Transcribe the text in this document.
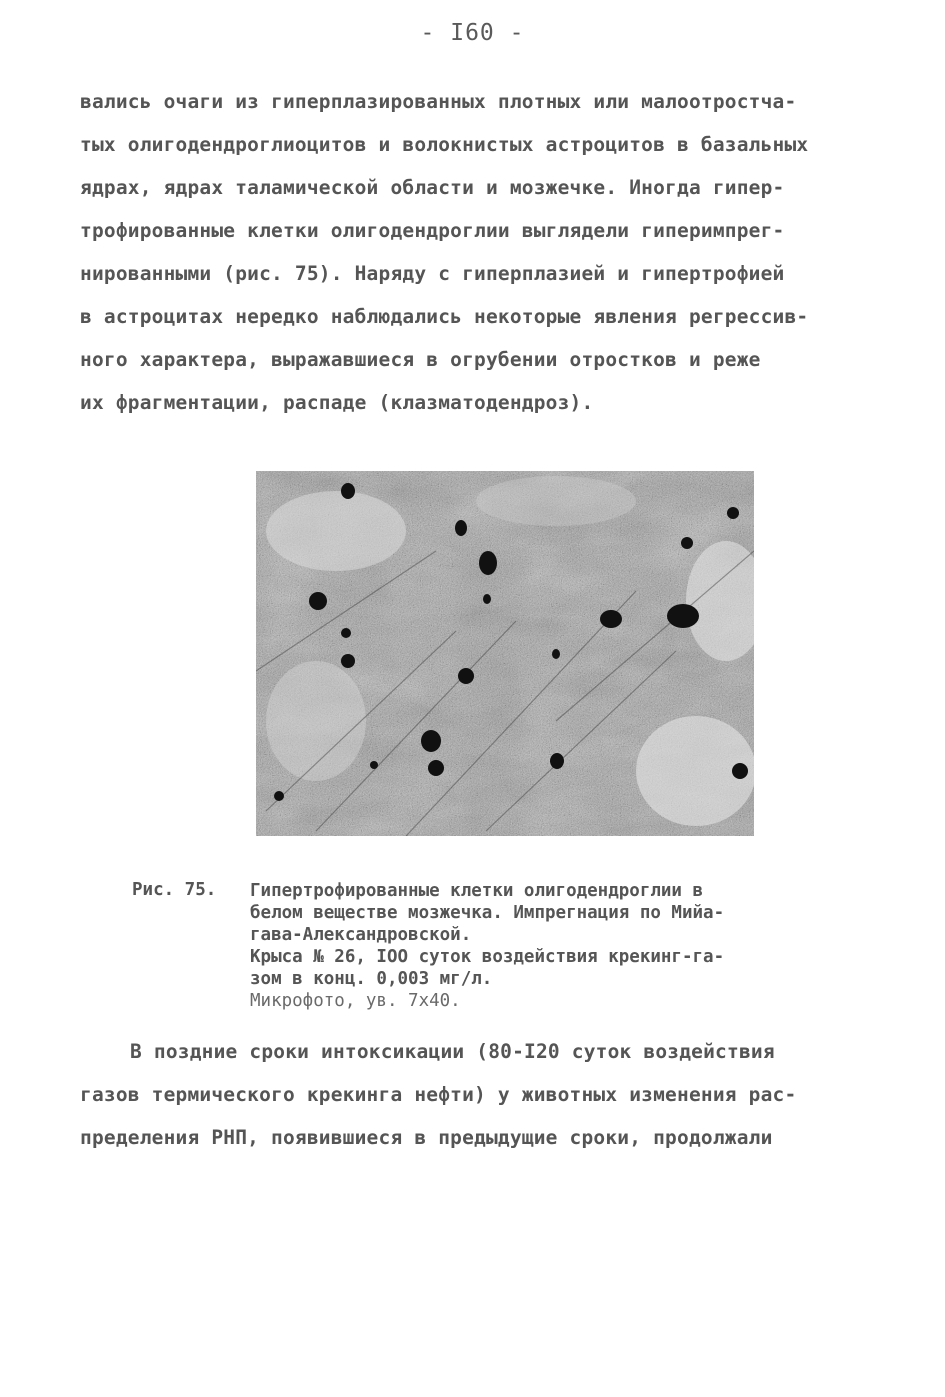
- I60 -
вались очаги из гиперплазированных плотных или малоотростча-
тых олигодендроглиоцитов и волокнистых астроцитов в базальных
ядрах, ядрах таламической области и мозжечке. Иногда гипер-
трофированные клетки олигодендроглии выглядели гиперимпрег-
нированными (рис. 75). Наряду с гиперплазией и гипертрофией
в астроцитах нередко наблюдались некоторые явления регрессив-
ного характера, выражавшиеся в огрубении отростков и реже
их фрагментации, распаде (клазматодендроз).
Рис. 75. Гипертрофированные клетки олигодендроглии в
белом веществе мозжечка. Импрегнация по Мийа-
гава-Александровской.
Крыса № 26, IOO суток воздействия крекинг-га-
зом в конц. 0,003 мг/л.
Микрофото, ув. 7х40.
В поздние сроки интоксикации (80-I20 суток воздействия
газов термического крекинга нефти) у животных изменения рас-
пределения РНП, появившиеся в предыдущие сроки, продолжали
